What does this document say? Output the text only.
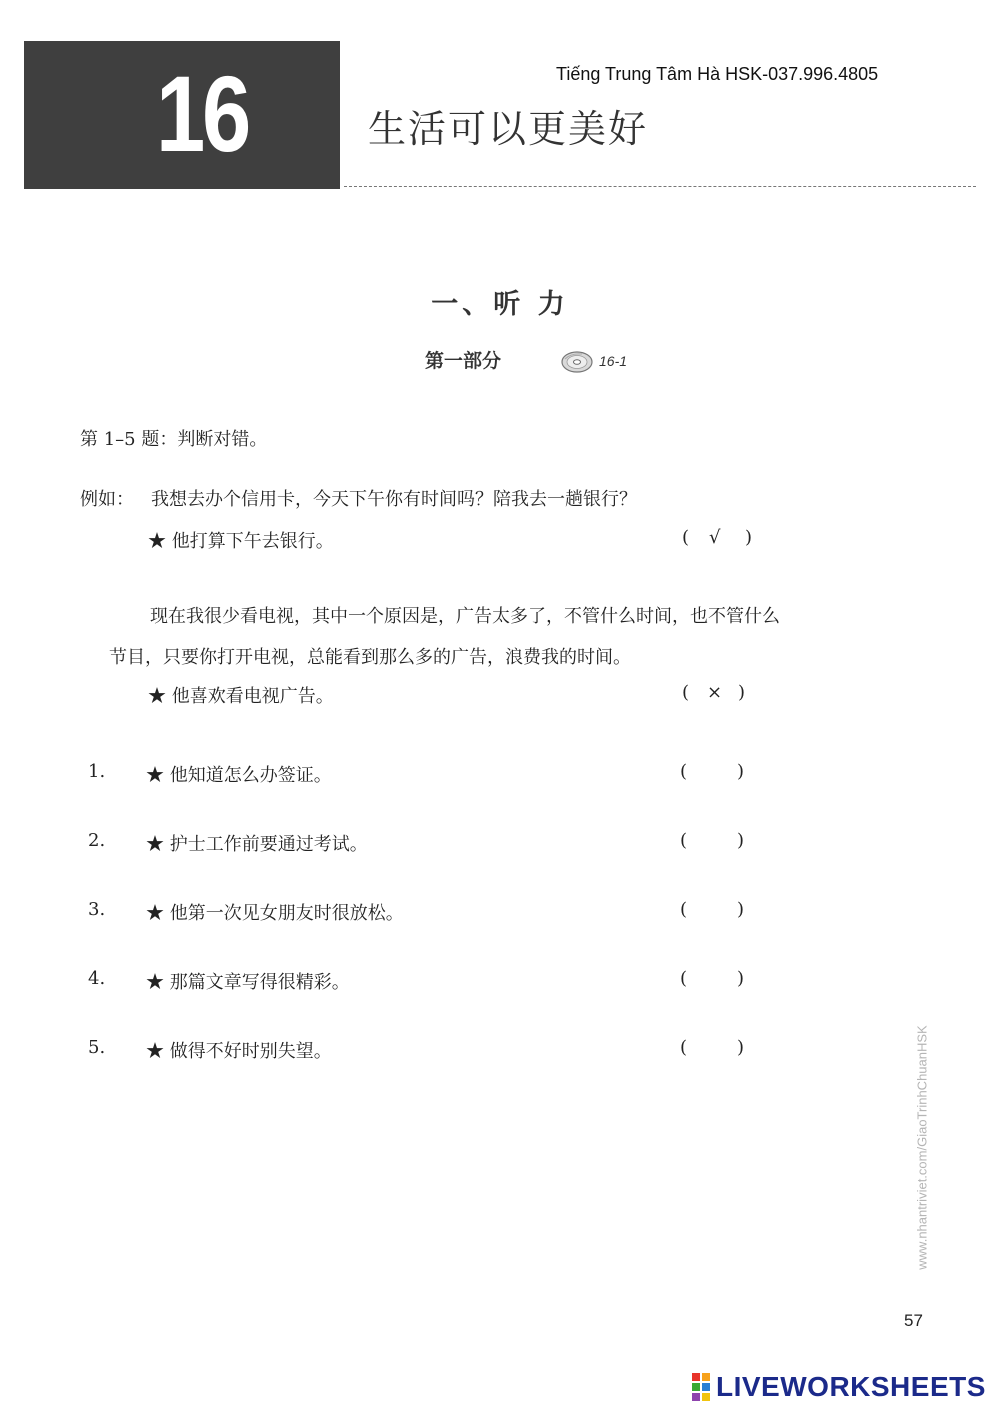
16	Tiếng Trung Tâm Hà HSK-037.996.4805
生活可以更美好
一、听 力
第一部分	16-1
第 1–5 题：判断对错。
例如： 我想去办个信用卡，今天下午你有时间吗？陪我去一趟银行？
★ 他打算下午去银行。	( √ )
现在我很少看电视，其中一个原因是，广告太多了，不管什么时间，也不管什么
节目，只要你打开电视，总能看到那么多的广告，浪费我的时间。
★ 他喜欢看电视广告。	( × )
1. ★ 他知道怎么办签证。	(	)
2. ★ 护士工作前要通过考试。	(	)
3. ★ 他第一次见女朋友时很放松。	(	)
4. ★ 那篇文章写得很精彩。	(	)
5. ★ 做得不好时别失望。	(	)	www.nhantriviet.com/GiaoTrinhChuanHSK
57
LIVEWORKSHEETS
